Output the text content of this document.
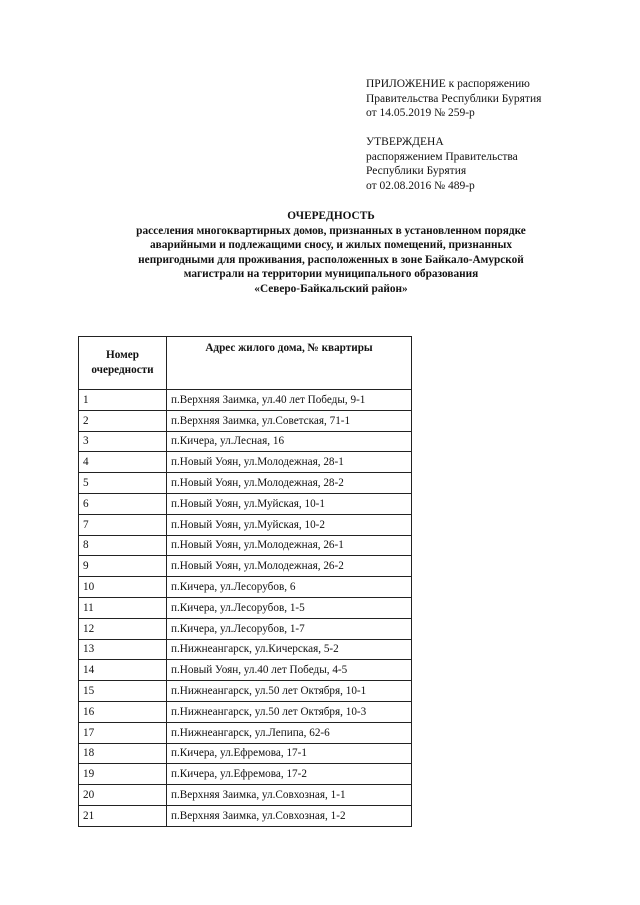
ПРИЛОЖЕНИЕ к распоряжению
Правительства Республики Бурятия
от 14.05.2019 № 259-р
УТВЕРЖДЕНА
распоряжением Правительства
Республики Бурятия
от 02.08.2016 № 489-р
ОЧЕРЕДНОСТЬ
расселения многоквартирных домов, признанных в установленном порядке
аварийными и подлежащими сносу, и жилых помещений, признанных
непригодными для проживания, расположенных в зоне Байкало-Амурской
магистрали на территории муниципального образования
«Северо-Байкальский район»
Номер очередности	Адрес жилого дома, № квартиры
1	п.Верхняя Заимка, ул.40 лет Победы, 9-1
2	п.Верхняя Заимка, ул.Советская, 71-1
3	п.Кичера, ул.Лесная, 16
4	п.Новый Уоян, ул.Молодежная, 28-1
5	п.Новый Уоян, ул.Молодежная, 28-2
6	п.Новый Уоян, ул.Муйская, 10-1
7	п.Новый Уоян, ул.Муйская, 10-2
8	п.Новый Уоян, ул.Молодежная, 26-1
9	п.Новый Уоян, ул.Молодежная, 26-2
10	п.Кичера, ул.Лесорубов, 6
11	п.Кичера, ул.Лесорубов, 1-5
12	п.Кичера, ул.Лесорубов, 1-7
13	п.Нижнеангарск, ул.Кичерская, 5-2
14	п.Новый Уоян, ул.40 лет Победы, 4-5
15	п.Нижнеангарск, ул.50 лет Октября, 10-1
16	п.Нижнеангарск, ул.50 лет Октября, 10-3
17	п.Нижнеангарск, ул.Лепипа, 62-6
18	п.Кичера, ул.Ефремова, 17-1
19	п.Кичера, ул.Ефремова, 17-2
20	п.Верхняя Заимка, ул.Совхозная, 1-1
21	п.Верхняя Заимка, ул.Совхозная, 1-2
